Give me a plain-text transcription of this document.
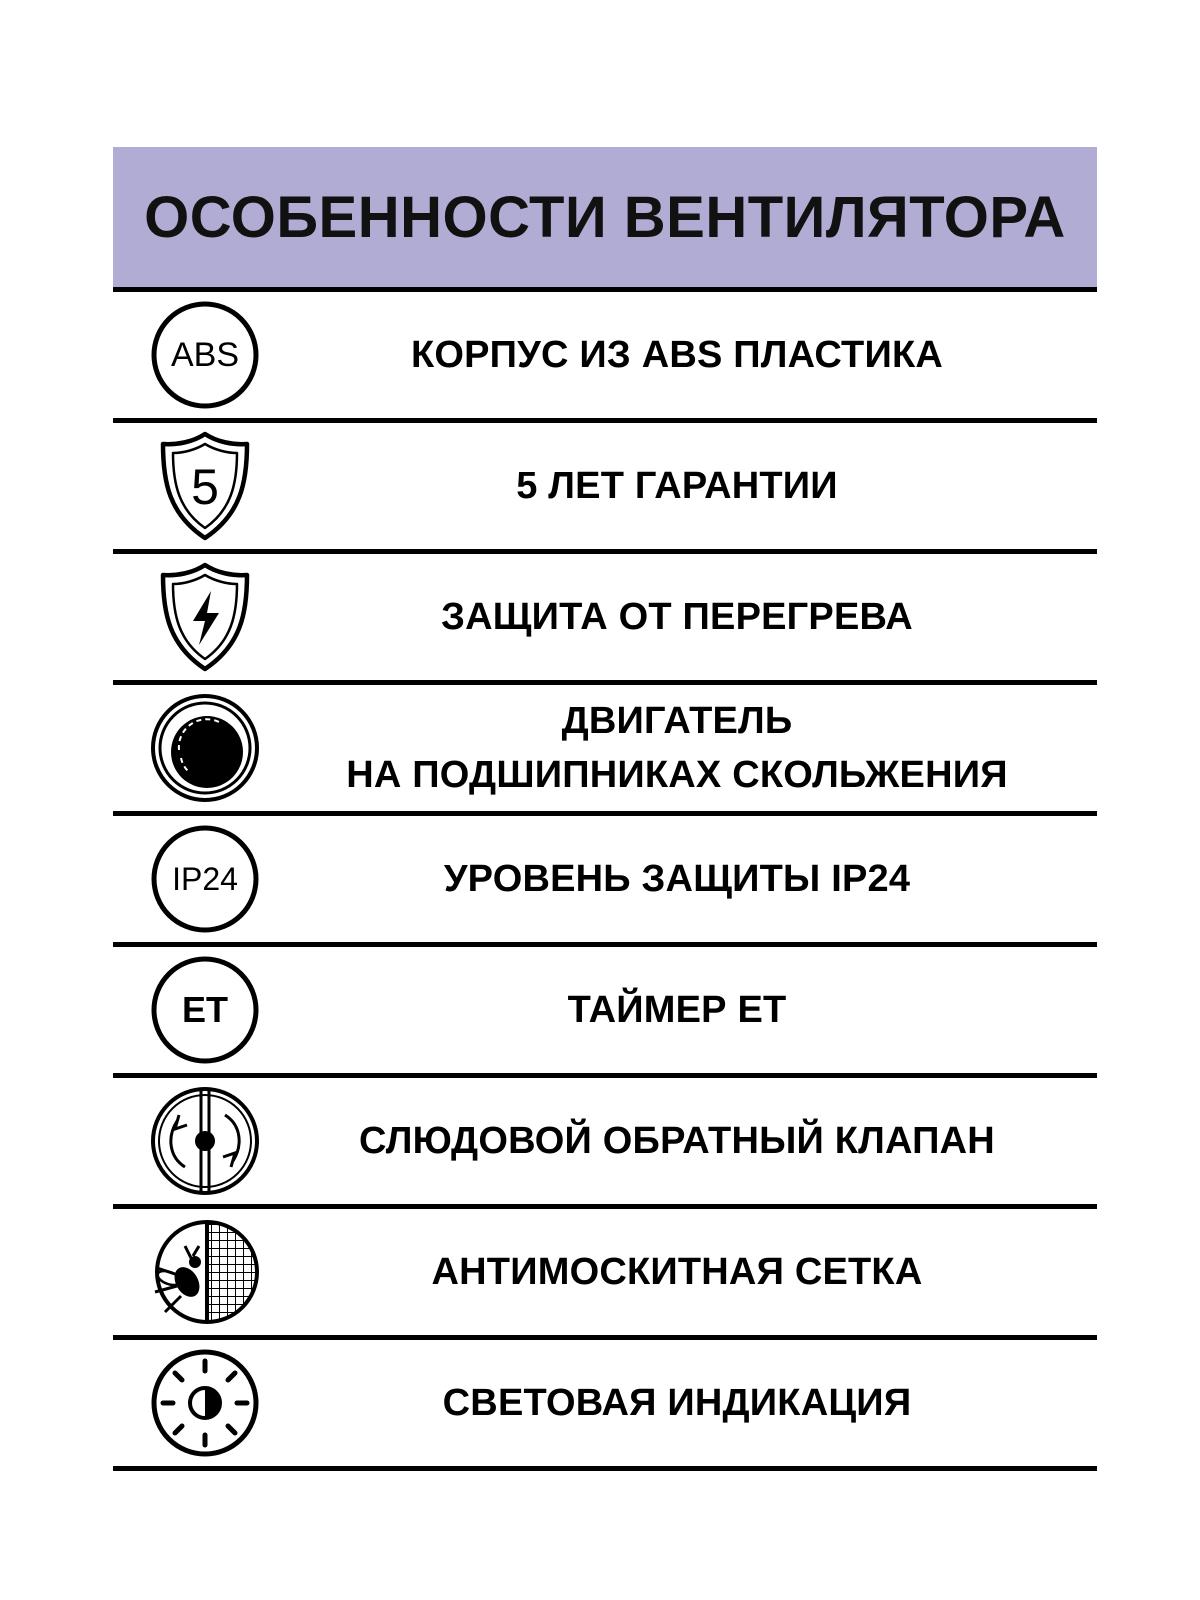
ОСОБЕННОСТИ ВЕНТИЛЯТОРА
ABS	КОРПУС ИЗ ABS ПЛАСТИКА
5	5 ЛЕТ ГАРАНТИИ
ЗАЩИТА ОТ ПЕРЕГРЕВА
ДВИГАТЕЛЬ
НА ПОДШИПНИКАХ СКОЛЬЖЕНИЯ
IP24	УРОВЕНЬ ЗАЩИТЫ IP24
ET	ТАЙМЕР ЕТ
СЛЮДОВОЙ ОБРАТНЫЙ КЛАПАН
АНТИМОСКИТНАЯ СЕТКА
СВЕТОВАЯ ИНДИКАЦИЯ
